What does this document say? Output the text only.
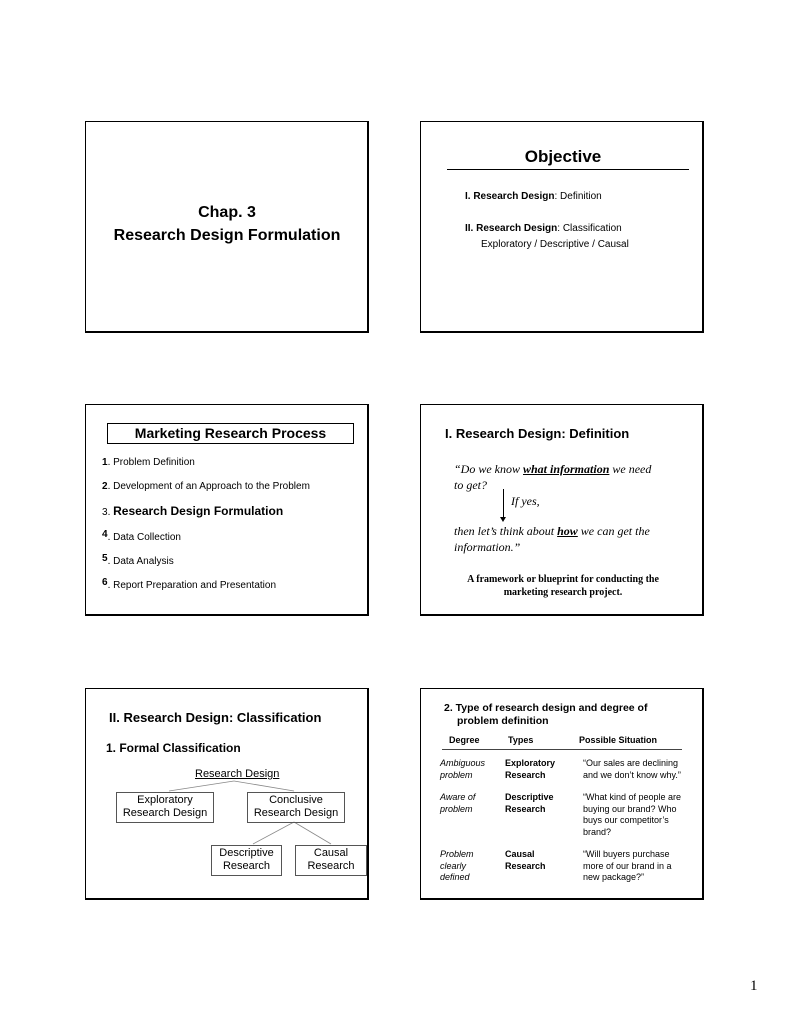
Chap. 3
Research Design Formulation
Objective
I. Research Design: Definition
II. Research Design: Classification
Exploratory / Descriptive / Causal
Marketing Research Process
1. Problem Definition
2. Development of an Approach to the Problem
3. Research Design Formulation
4. Data Collection
5. Data Analysis
6. Report Preparation and Presentation
I. Research Design: Definition
“Do we know what information we need
to get?
If yes,
then let’s think about how we can get the
information.”
A framework or blueprint for conducting the
marketing research project.
II. Research Design: Classification
1. Formal Classification
Research Design
Exploratory
Research Design
Conclusive
Research Design
Descriptive
Research
Causal
Research
2. Type of research design and degree of
problem definition
Degree	Types	Possible Situation
Ambiguous
problem
Exploratory
Research
“Our sales are declining
and we don’t know why.”
Aware of
problem
Descriptive
Research
“What kind of people are
buying our brand? Who
buys our competitor’s
brand?
Problem
clearly
defined
Causal
Research
“Will buyers purchase
more of our brand in a
new package?”
1
